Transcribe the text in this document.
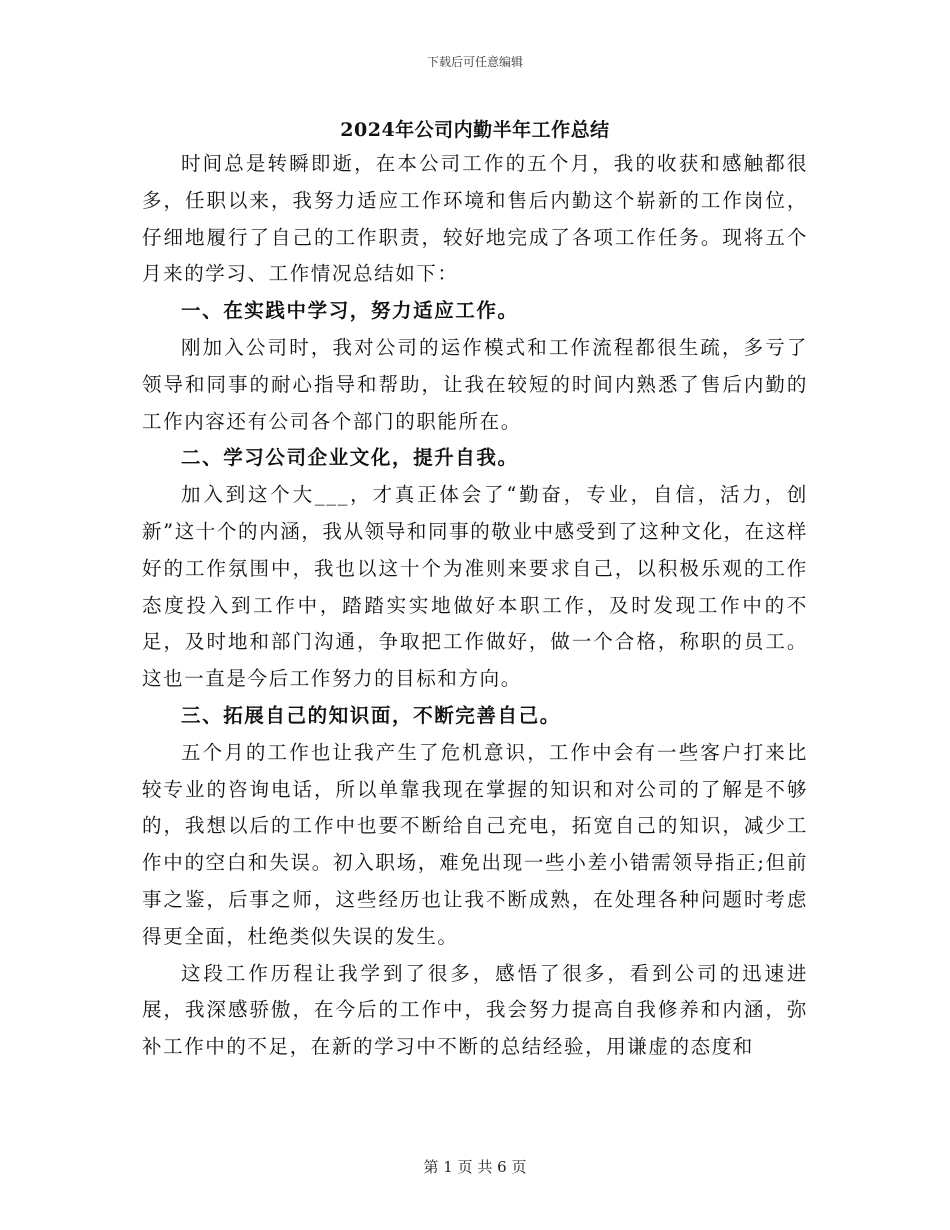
下载后可任意编辑
2024年公司内勤半年工作总结

时间总是转瞬即逝，在本公司工作的五个月，我的收获和感触都很多，任职以来，我努力适应工作环境和售后内勤这个崭新的工作岗位，仔细地履行了自己的工作职责，较好地完成了各项工作任务。现将五个月来的学习、工作情况总结如下：

一、在实践中学习，努力适应工作。

刚加入公司时，我对公司的运作模式和工作流程都很生疏，多亏了领导和同事的耐心指导和帮助，让我在较短的时间内熟悉了售后内勤的工作内容还有公司各个部门的职能所在。

二、学习公司企业文化，提升自我。

加入到这个大___，才真正体会了“勤奋，专业，自信，活力，创新”这十个的内涵，我从领导和同事的敬业中感受到了这种文化，在这样好的工作氛围中，我也以这十个为准则来要求自己，以积极乐观的工作态度投入到工作中，踏踏实实地做好本职工作，及时发现工作中的不足，及时地和部门沟通，争取把工作做好，做一个合格，称职的员工。这也一直是今后工作努力的目标和方向。

三、拓展自己的知识面，不断完善自己。

五个月的工作也让我产生了危机意识，工作中会有一些客户打来比较专业的咨询电话，所以单靠我现在掌握的知识和对公司的了解是不够的，我想以后的工作中也要不断给自己充电，拓宽自己的知识，减少工作中的空白和失误。初入职场，难免出现一些小差小错需领导指正;但前事之鉴，后事之师，这些经历也让我不断成熟，在处理各种问题时考虑得更全面，杜绝类似失误的发生。

这段工作历程让我学到了很多，感悟了很多，看到公司的迅速进展，我深感骄傲，在今后的工作中，我会努力提高自我修养和内涵，弥补工作中的不足，在新的学习中不断的总结经验，用谦虚的态度和

第 1 页 共 6 页
